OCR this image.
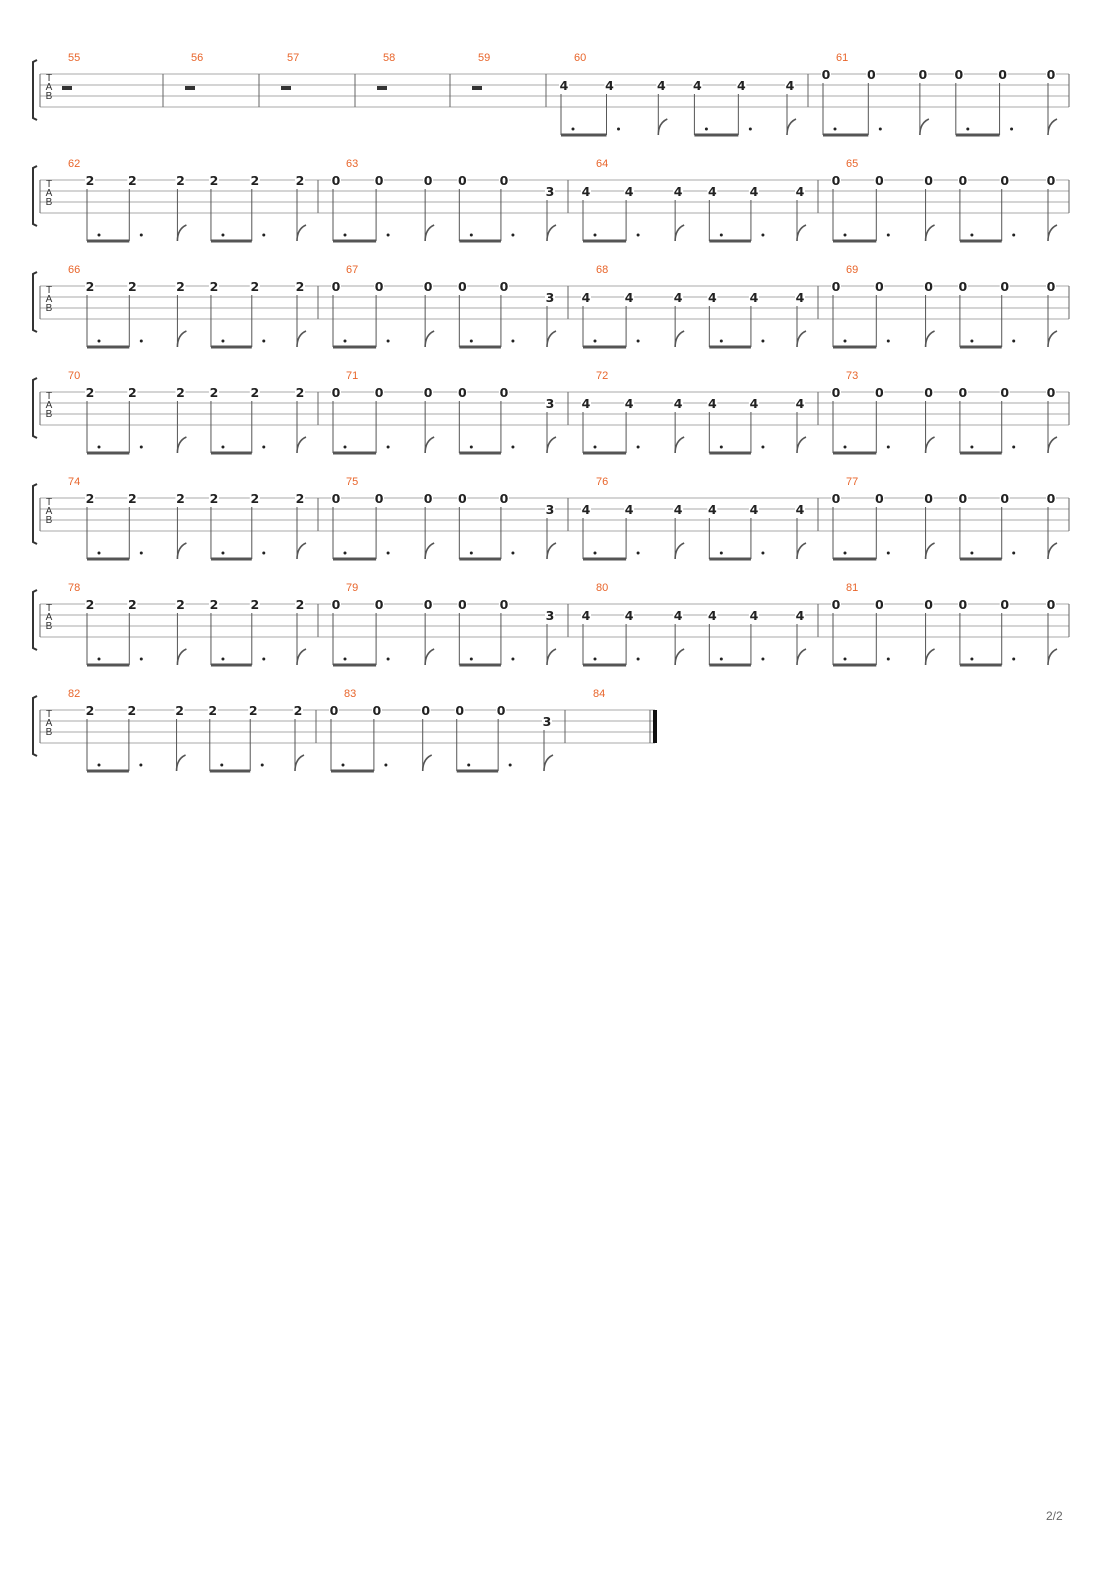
T
A
B
55	56	57	58	59	60
4	4	4 4	4	4
61
0	0	0 0	0	0
T
A
B
62
2	2	2 2	2	2
63
0	0	0 0	0
3
64
4	4	4 4	4	4
65
0	0	0 0	0	0
T
A
B
66
2	2	2 2	2	2
67
0	0	0 0	0
3
68
4	4	4 4	4	4
69
0	0	0 0	0	0
T
A
B
70
2	2	2 2	2	2
71
0	0	0 0	0
3
72
4	4	4 4	4	4
73
0	0	0 0	0	0
T
A
B
74
2	2	2 2	2	2
75
0	0	0 0	0
3
76
4	4	4 4	4	4
77
0	0	0 0	0	0
T
A
B
78
2	2	2 2	2	2
79
0	0	0 0	0
3
80
4	4	4 4	4	4
81
0	0	0 0	0	0
T
A
B
82
2	2	2 2	2	2
83
0	0	0 0	0
3
84
2/2
